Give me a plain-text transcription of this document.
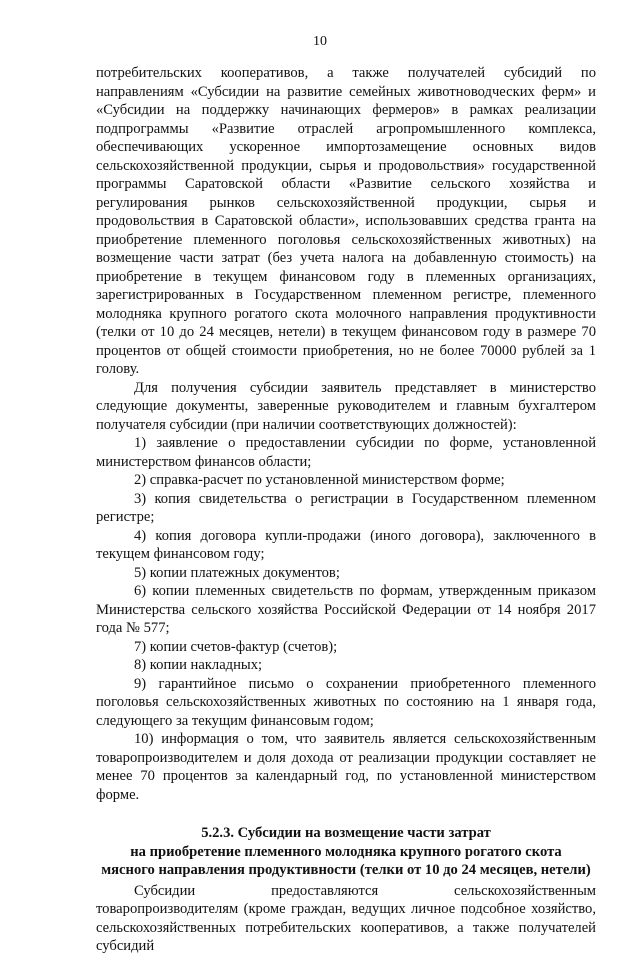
10

потребительских кооперативов, а также получателей субсидий по направлениям «Субсидии на развитие семейных животноводческих ферм» и «Субсидии на поддержку начинающих фермеров» в рамках реализации подпрограммы «Развитие отраслей агропромышленного комплекса, обеспечивающих ускоренное импортозамещение основных видов сельскохозяйственной продукции, сырья и продовольствия» государственной программы Саратовской области «Развитие сельского хозяйства и регулирования рынков сельскохозяйственной продукции, сырья и продовольствия в Саратовской области», использовавших средства гранта на приобретение племенного поголовья сельскохозяйственных животных) на возмещение части затрат (без учета налога на добавленную стоимость) на приобретение в текущем финансовом году в племенных организациях, зарегистрированных в Государственном племенном регистре, племенного молодняка крупного рогатого скота молочного направления продуктивности (телки от 10 до 24 месяцев, нетели) в текущем финансовом году в размере 70 процентов от общей стоимости приобретения, но не более 70000 рублей за 1 голову.

Для получения субсидии заявитель представляет в министерство следующие документы, заверенные руководителем и главным бухгалтером получателя субсидии (при наличии соответствующих должностей):

1) заявление о предоставлении субсидии по форме, установленной министерством финансов области;

2) справка-расчет по установленной министерством форме;

3) копия свидетельства о регистрации в Государственном племенном регистре;

4) копия договора купли-продажи (иного договора), заключенного в текущем финансовом году;

5) копии платежных документов;

6) копии племенных свидетельств по формам, утвержденным приказом Министерства сельского хозяйства Российской Федерации от 14 ноября 2017 года № 577;

7) копии счетов-фактур (счетов);

8) копии накладных;

9) гарантийное письмо о сохранении приобретенного племенного поголовья сельскохозяйственных животных по состоянию на 1 января года, следующего за текущим финансовым годом;

10) информация о том, что заявитель является сельскохозяйственным товаропроизводителем и доля дохода от реализации продукции составляет не менее 70 процентов за календарный год, по установленной министерством форме.

5.2.3. Субсидии на возмещение части затрат
на приобретение племенного молодняка крупного рогатого скота
мясного направления продуктивности (телки от 10 до 24 месяцев, нетели)

Субсидии предоставляются сельскохозяйственным товаропроизводителям (кроме граждан, ведущих личное подсобное хозяйство, сельскохозяйственных потребительских кооперативов, а также получателей субсидий
